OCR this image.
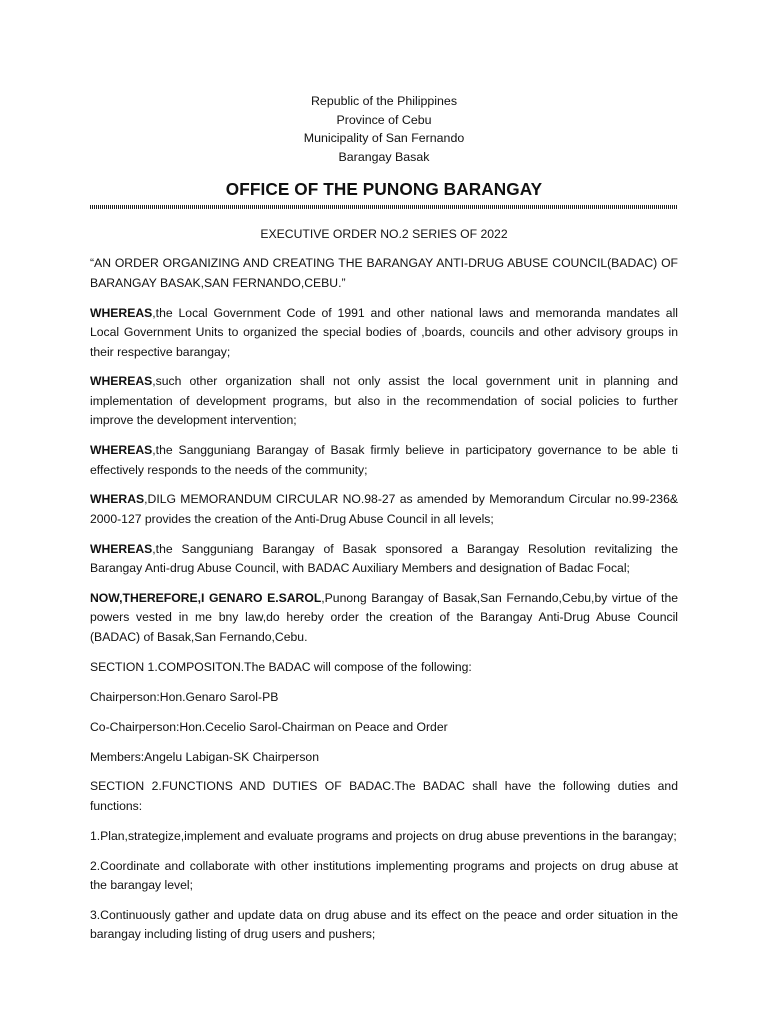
Republic of the Philippines
Province of Cebu
Municipality of San Fernando
Barangay Basak
OFFICE OF THE PUNONG BARANGAY
EXECUTIVE ORDER NO.2 SERIES OF 2022

“AN ORDER ORGANIZING AND CREATING THE BARANGAY ANTI-DRUG ABUSE COUNCIL(BADAC) OF BARANGAY BASAK,SAN FERNANDO,CEBU.”

WHEREAS,the Local Government Code of 1991 and other national laws and memoranda mandates all Local Government Units to organized the special bodies of ,boards, councils and other advisory groups in their respective barangay;

WHEREAS,such other organization shall not only assist the local government unit in planning and implementation of development programs, but also in the recommendation of social policies to further improve the development intervention;

WHEREAS,the Sangguniang Barangay of Basak firmly believe in participatory governance to be able ti effectively responds to the needs of the community;

WHERAS,DILG MEMORANDUM CIRCULAR NO.98-27 as amended by Memorandum Circular no.99-236& 2000-127 provides the creation of the Anti-Drug Abuse Council in all levels;

WHEREAS,the Sangguniang Barangay of Basak sponsored a Barangay Resolution revitalizing the Barangay Anti-drug Abuse Council, with BADAC Auxiliary Members and designation of Badac Focal;

NOW,THEREFORE,I GENARO E.SAROL,Punong Barangay of Basak,San Fernando,Cebu,by virtue of the powers vested in me bny law,do hereby order the creation of the Barangay Anti-Drug Abuse Council (BADAC) of Basak,San Fernando,Cebu.

SECTION 1.COMPOSITON.The BADAC will compose of the following:

Chairperson:Hon.Genaro Sarol-PB

Co-Chairperson:Hon.Cecelio Sarol-Chairman on Peace and Order

Members:Angelu Labigan-SK Chairperson

SECTION 2.FUNCTIONS AND DUTIES OF BADAC.The BADAC shall have the following duties and functions:

1.Plan,strategize,implement and evaluate programs and projects on drug abuse preventions in the barangay;

2.Coordinate and collaborate with other institutions implementing programs and projects on drug abuse at the barangay level;

3.Continuously gather and update data on drug abuse and its effect on the peace and order situation in the barangay including listing of drug users and pushers;
